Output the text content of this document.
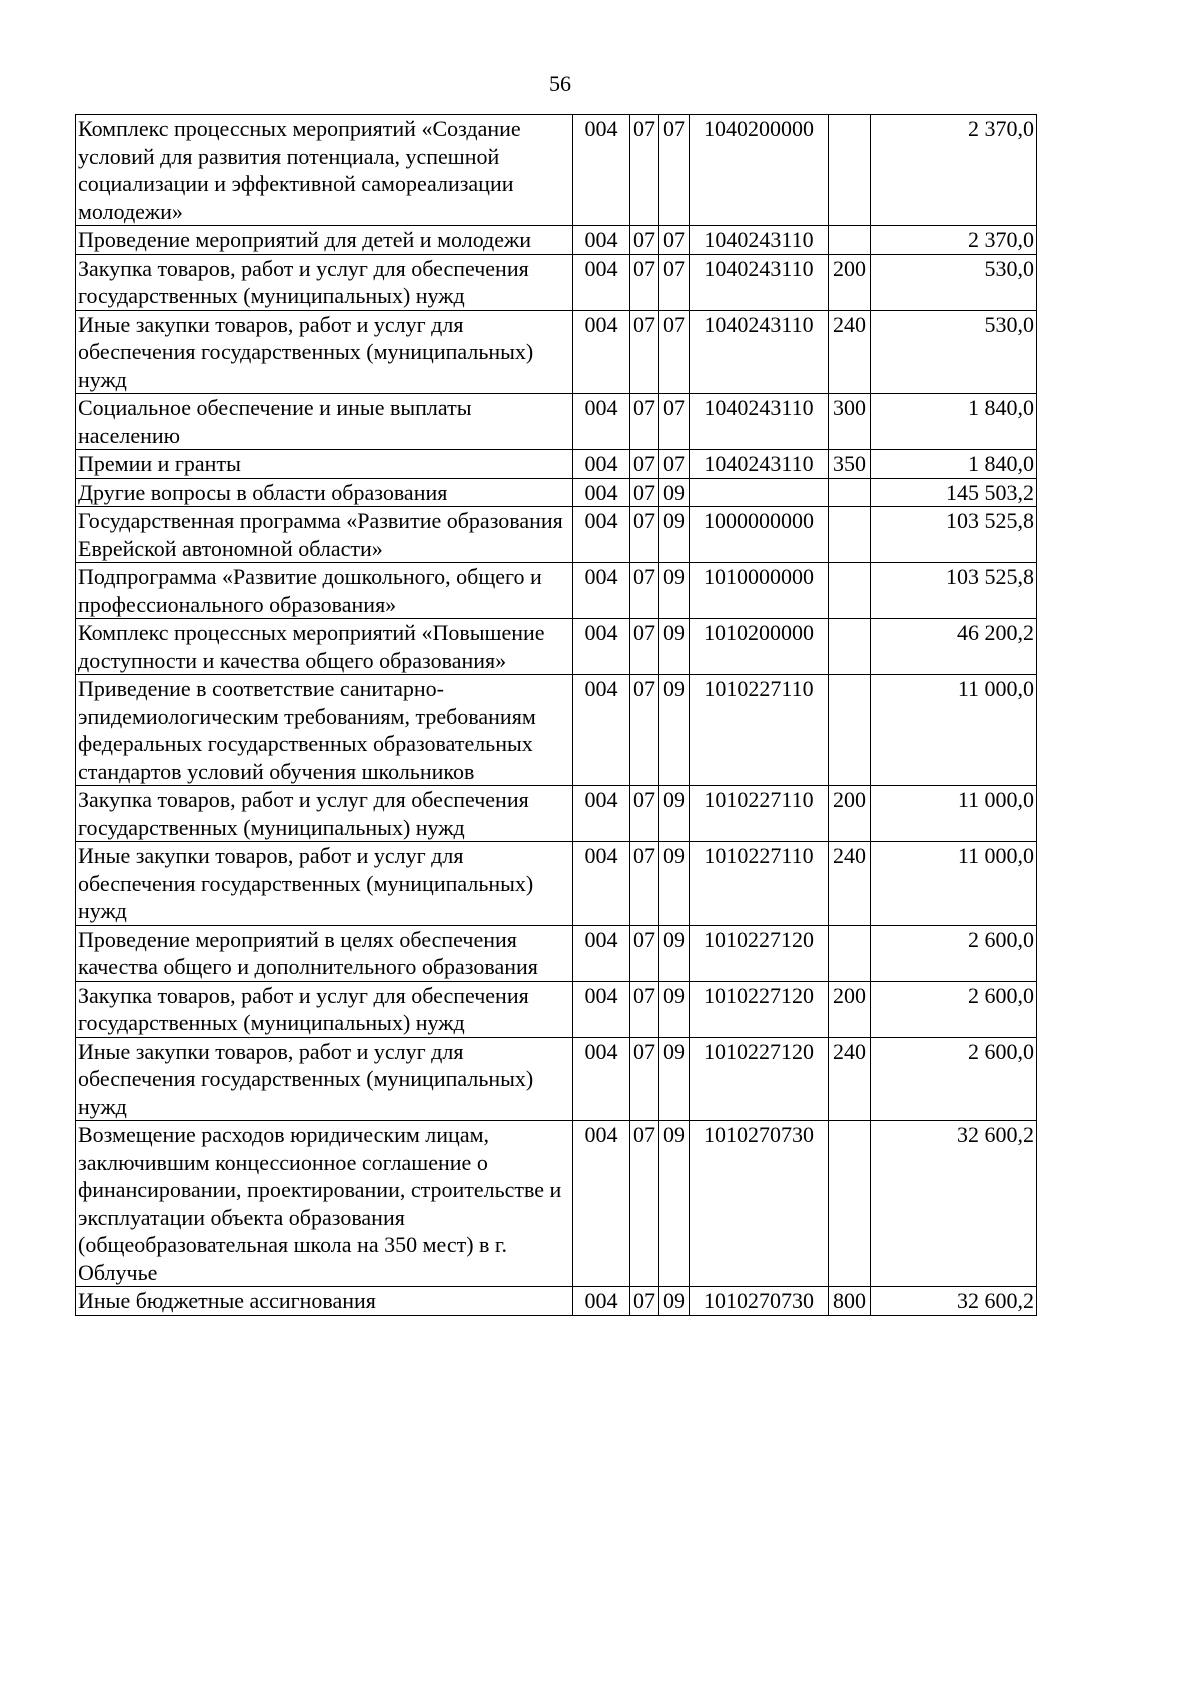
56
Комплекс процессных мероприятий «Создание условий для развития потенциала, успешной социализации и эффективной самореализации молодежи»	004	07	07	1040200000		2 370,0
Проведение мероприятий для детей и молодежи	004	07	07	1040243110		2 370,0
Закупка товаров, работ и услуг для обеспечения государственных (муниципальных) нужд	004	07	07	1040243110	200	530,0
Иные закупки товаров, работ и услуг для обеспечения государственных (муниципальных) нужд	004	07	07	1040243110	240	530,0
Социальное обеспечение и иные выплаты населению	004	07	07	1040243110	300	1 840,0
Премии и гранты	004	07	07	1040243110	350	1 840,0
Другие вопросы в области образования	004	07	09			145 503,2
Государственная программа «Развитие образования Еврейской автономной области»	004	07	09	1000000000		103 525,8
Подпрограмма «Развитие дошкольного, общего и профессионального образования»	004	07	09	1010000000		103 525,8
Комплекс процессных мероприятий «Повышение доступности и качества общего образования»	004	07	09	1010200000		46 200,2
Приведение в соответствие санитарно-эпидемиологическим требованиям, требованиям федеральных государственных образовательных стандартов условий обучения школьников	004	07	09	1010227110		11 000,0
Закупка товаров, работ и услуг для обеспечения государственных (муниципальных) нужд	004	07	09	1010227110	200	11 000,0
Иные закупки товаров, работ и услуг для обеспечения государственных (муниципальных) нужд	004	07	09	1010227110	240	11 000,0
Проведение мероприятий в целях обеспечения качества общего и дополнительного образования	004	07	09	1010227120		2 600,0
Закупка товаров, работ и услуг для обеспечения государственных (муниципальных) нужд	004	07	09	1010227120	200	2 600,0
Иные закупки товаров, работ и услуг для обеспечения государственных (муниципальных) нужд	004	07	09	1010227120	240	2 600,0
Возмещение расходов юридическим лицам, заключившим концессионное соглашение о финансировании, проектировании, строительстве и эксплуатации объекта образования (общеобразовательная школа на 350 мест) в г. Облучье	004	07	09	1010270730		32 600,2
Иные бюджетные ассигнования	004	07	09	1010270730	800	32 600,2
